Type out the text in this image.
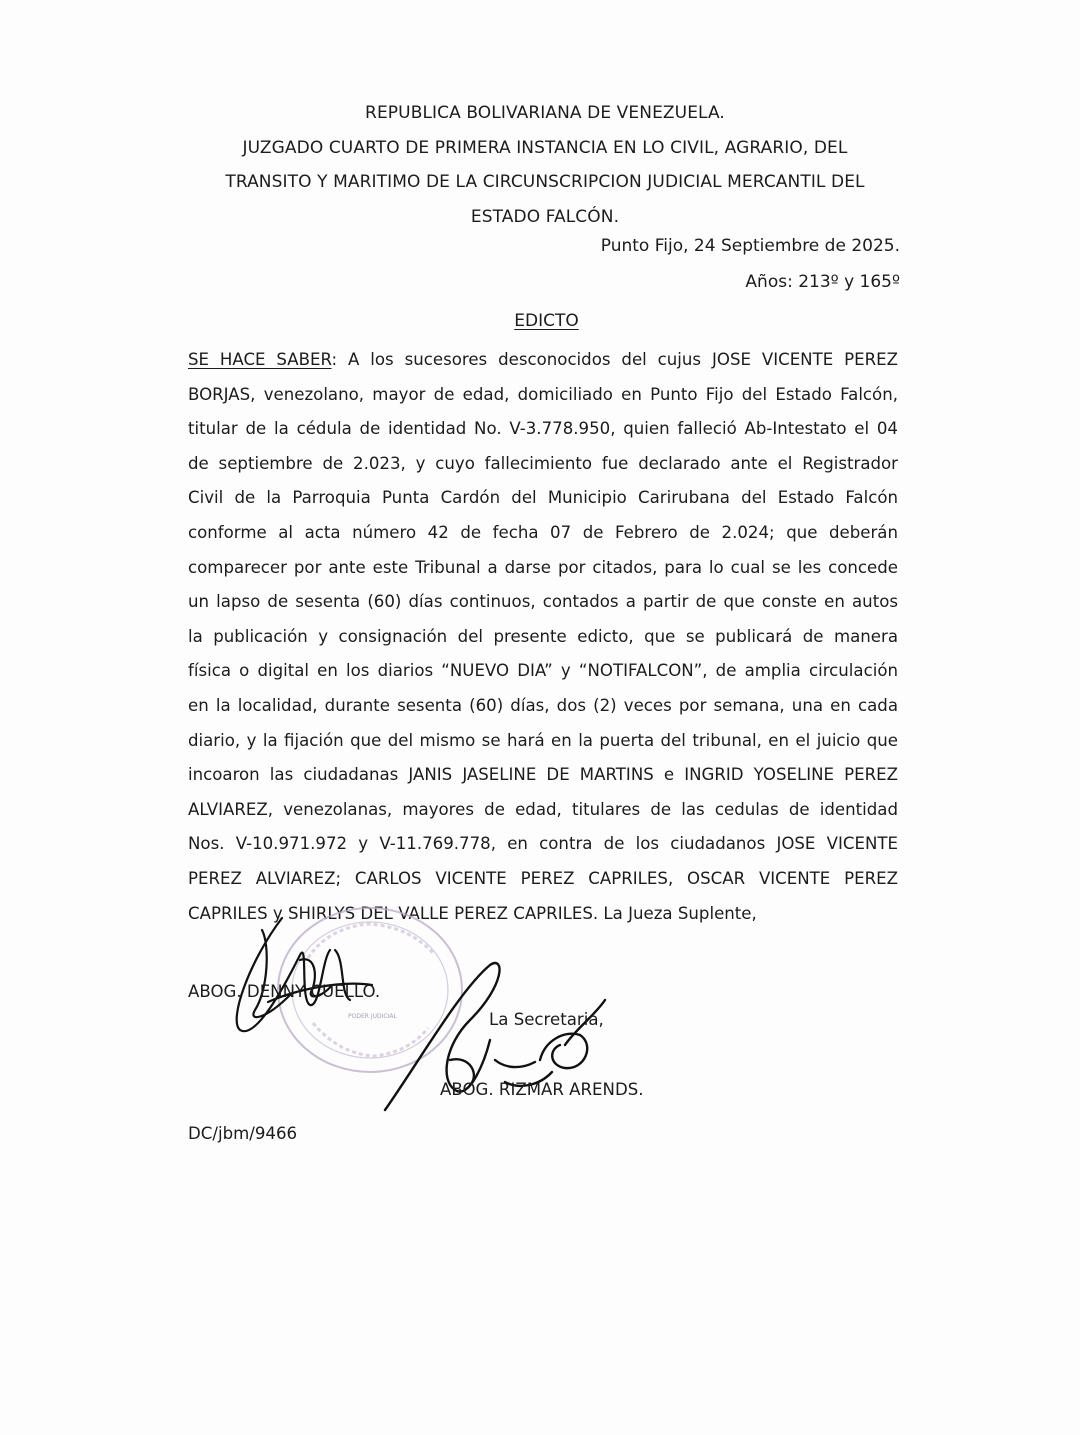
REPUBLICA BOLIVARIANA DE VENEZUELA.
JUZGADO CUARTO DE PRIMERA INSTANCIA EN LO CIVIL, AGRARIO, DEL
TRANSITO Y MARITIMO DE LA CIRCUNSCRIPCION JUDICIAL MERCANTIL DEL
ESTADO FALCÓN.
Punto Fijo, 24 Septiembre de 2025.
Años: 213º y 165º
EDICTO
SE HACE SABER: A los sucesores desconocidos del cujus JOSE VICENTE PEREZ
BORJAS, venezolano, mayor de edad, domiciliado en Punto Fijo del Estado Falcón,
titular de la cédula de identidad No. V-3.778.950, quien falleció Ab-Intestato el 04
de septiembre de 2.023, y cuyo fallecimiento fue declarado ante el Registrador
Civil de la Parroquia Punta Cardón del Municipio Carirubana del Estado Falcón
conforme al acta número 42 de fecha 07 de Febrero de 2.024; que deberán
comparecer por ante este Tribunal a darse por citados, para lo cual se les concede
un lapso de sesenta (60) días continuos, contados a partir de que conste en autos
la publicación y consignación del presente edicto, que se publicará de manera
física o digital en los diarios “NUEVO DIA” y “NOTIFALCON”, de amplia circulación
en la localidad, durante sesenta (60) días, dos (2) veces por semana, una en cada
diario, y la fijación que del mismo se hará en la puerta del tribunal, en el juicio que
incoaron las ciudadanas JANIS JASELINE DE MARTINS e INGRID YOSELINE PEREZ
ALVIAREZ, venezolanas, mayores de edad, titulares de las cedulas de identidad
Nos. V-10.971.972 y V-11.769.778, en contra de los ciudadanos JOSE VICENTE
PEREZ ALVIAREZ; CARLOS VICENTE PEREZ CAPRILES, OSCAR VICENTE PEREZ
CAPRILES y SHIRLYS DEL VALLE PEREZ CAPRILES. La Jueza Suplente,
PODER JUDICIAL
ABOG. DENNY CUELLO.
La Secretaria,
ABOG. RIZMAR ARENDS.
DC/jbm/9466
